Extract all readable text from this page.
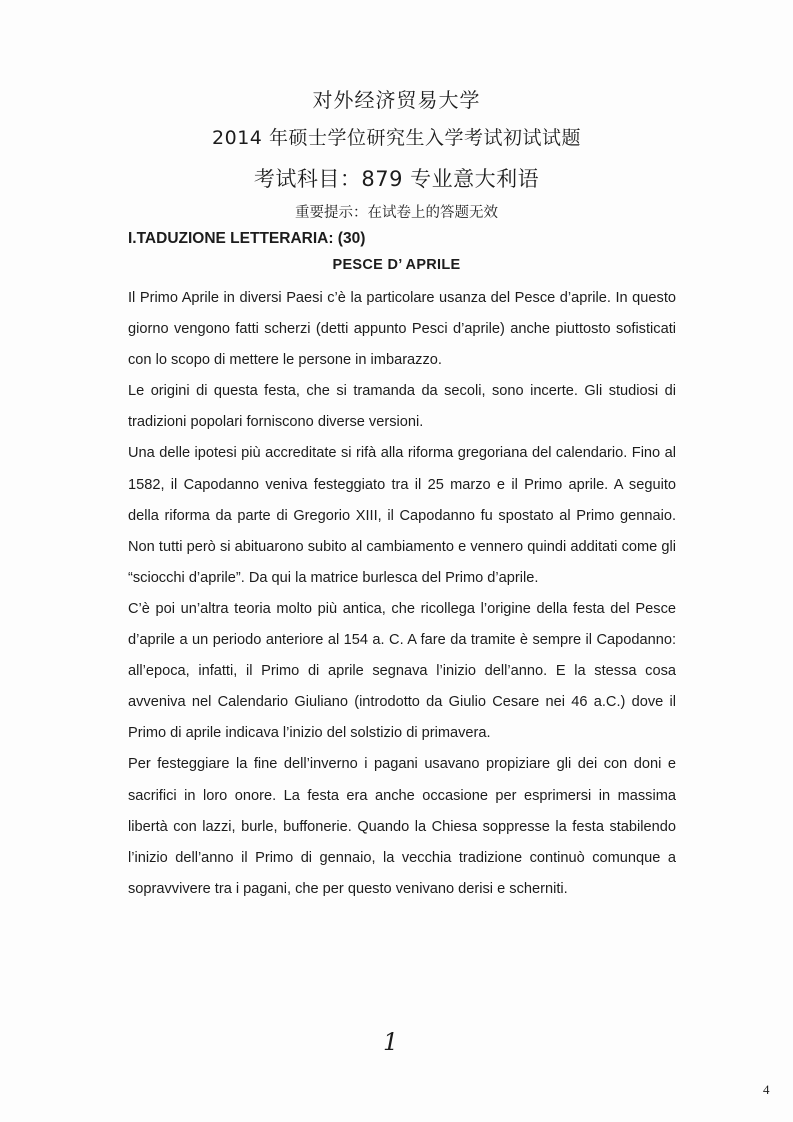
对外经济贸易大学
2014 年硕士学位研究生入学考试初试试题
考试科目：879 专业意大利语
重要提示：在试卷上的答题无效
I.TADUZIONE LETTERARIA: (30)
PESCE D’ APRILE

Il Primo Aprile in diversi Paesi c’è la particolare usanza del Pesce d’aprile. In questo giorno vengono fatti scherzi (detti appunto Pesci d’aprile) anche piuttosto sofisticati con lo scopo di mettere le persone in imbarazzo.

Le origini di questa festa, che si tramanda da secoli, sono incerte. Gli studiosi di tradizioni popolari forniscono diverse versioni.

Una delle ipotesi più accreditate si rifà alla riforma gregoriana del calendario. Fino al 1582, il Capodanno veniva festeggiato tra il 25 marzo e il Primo aprile. A seguito della riforma da parte di Gregorio XIII, il Capodanno fu spostato al Primo gennaio. Non tutti però si abituarono subito al cambiamento e vennero quindi additati come gli “sciocchi d’aprile”. Da qui la matrice burlesca del Primo d’aprile.

C’è poi un’altra teoria molto più antica, che ricollega l’origine della festa del Pesce d’aprile a un periodo anteriore al 154 a. C. A fare da tramite è sempre il Capodanno: all’epoca, infatti, il Primo di aprile segnava l’inizio dell’anno. E la stessa cosa avveniva nel Calendario Giuliano (introdotto da Giulio Cesare nei 46 a.C.) dove il Primo di aprile indicava l’inizio del solstizio di primavera.

Per festeggiare la fine dell’inverno i pagani usavano propiziare gli dei con doni e sacrifici in loro onore. La festa era anche occasione per esprimersi in massima libertà con lazzi, burle, buffonerie. Quando la Chiesa soppresse la festa stabilendo l’inizio dell’anno il Primo di gennaio, la vecchia tradizione continuò comunque a sopravvivere tra i pagani, che per questo venivano derisi e scherniti.

1
4
